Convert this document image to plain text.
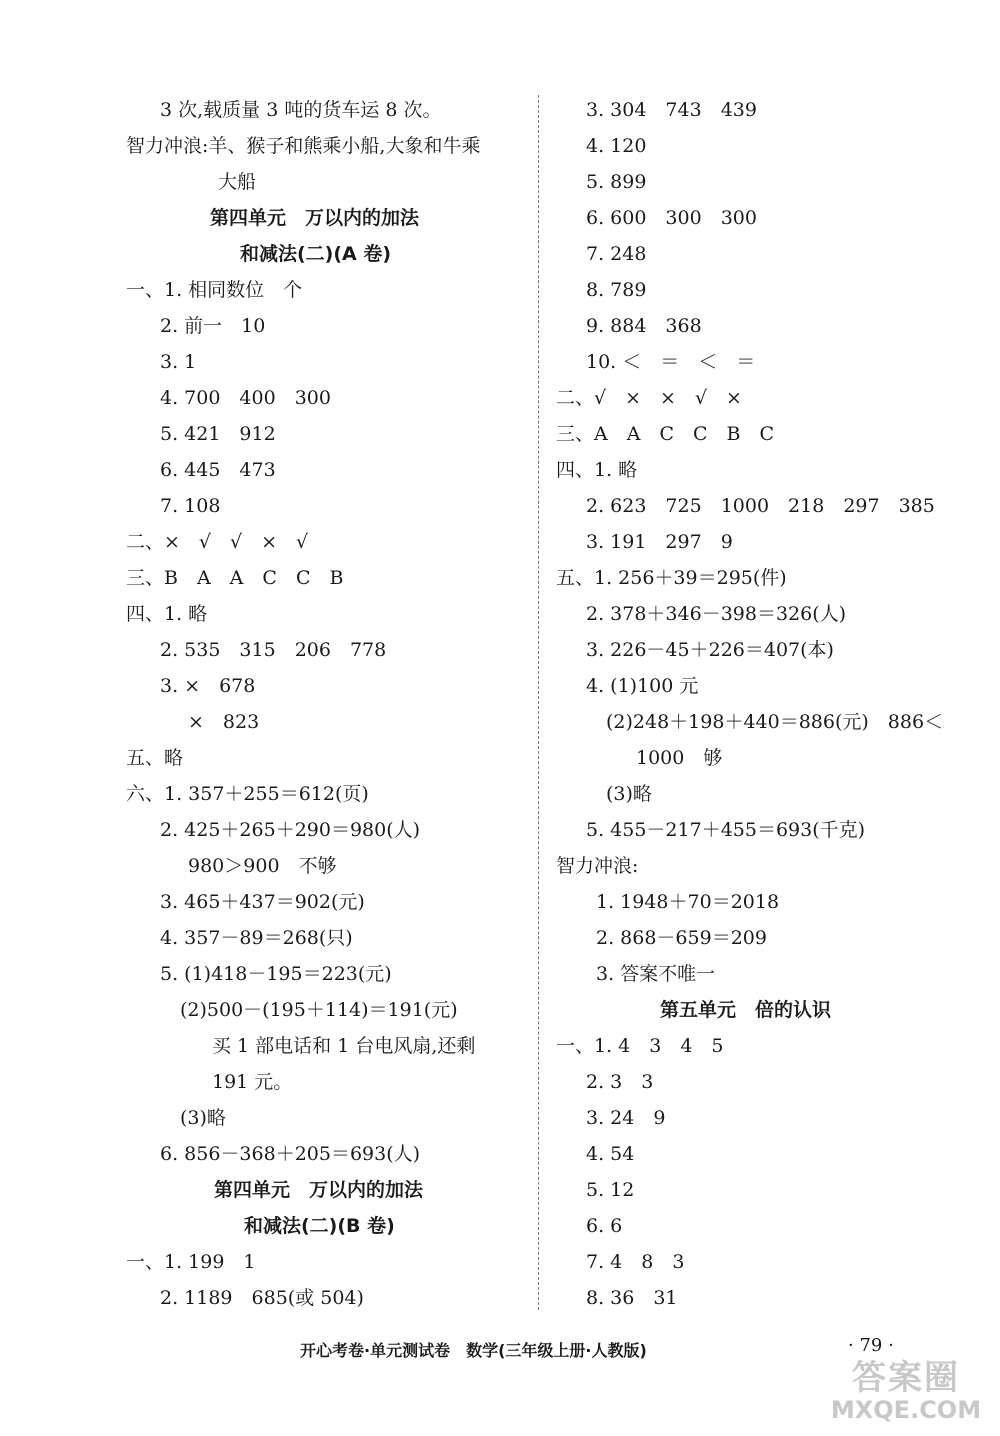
3 次,载质量 3 吨的货车运 8 次。
智力冲浪:羊、猴子和熊乘小船,大象和牛乘
大船
第四单元　万以内的加法
和减法(二)(A 卷)
一、1. 相同数位　个
2. 前一　10
3. 1
4. 700　400　300
5. 421　912
6. 445　473
7. 108
二、×　√　√　×　√
三、B　A　A　C　C　B
四、1. 略
2. 535　315　206　778
3. ×　678
×　823
五、略
六、1. 357＋255＝612(页)
2. 425＋265＋290＝980(人)
980＞900　不够
3. 465＋437＝902(元)
4. 357－89＝268(只)
5. (1)418－195＝223(元)
(2)500－(195＋114)＝191(元)
买 1 部电话和 1 台电风扇,还剩
191 元。
(3)略
6. 856－368＋205＝693(人)
第四单元　万以内的加法
和减法(二)(B 卷)
一、1. 199　1
2. 1189　685(或 504)
3. 304　743　439
4. 120
5. 899
6. 600　300　300
7. 248
8. 789
9. 884　368
10. ＜　＝　＜　＝
二、√　×　×　√　×
三、A　A　C　C　B　C
四、1. 略
2. 623　725　1000　218　297　385
3. 191　297　9
五、1. 256＋39＝295(件)
2. 378＋346－398＝326(人)
3. 226－45＋226＝407(本)
4. (1)100 元
(2)248＋198＋440＝886(元)　886＜
1000　够
(3)略
5. 455－217＋455＝693(千克)
智力冲浪:
1. 1948＋70＝2018
2. 868－659＝209
3. 答案不唯一
第五单元　倍的认识
一、1. 4　3　4　5
2. 3　3
3. 24　9
4. 54
5. 12
6. 6
7. 4　8　3
8. 36　31
开心考卷·单元测试卷　数学(三年级上册·人教版)	· 79 ·
答案圈
MXQE.COM
